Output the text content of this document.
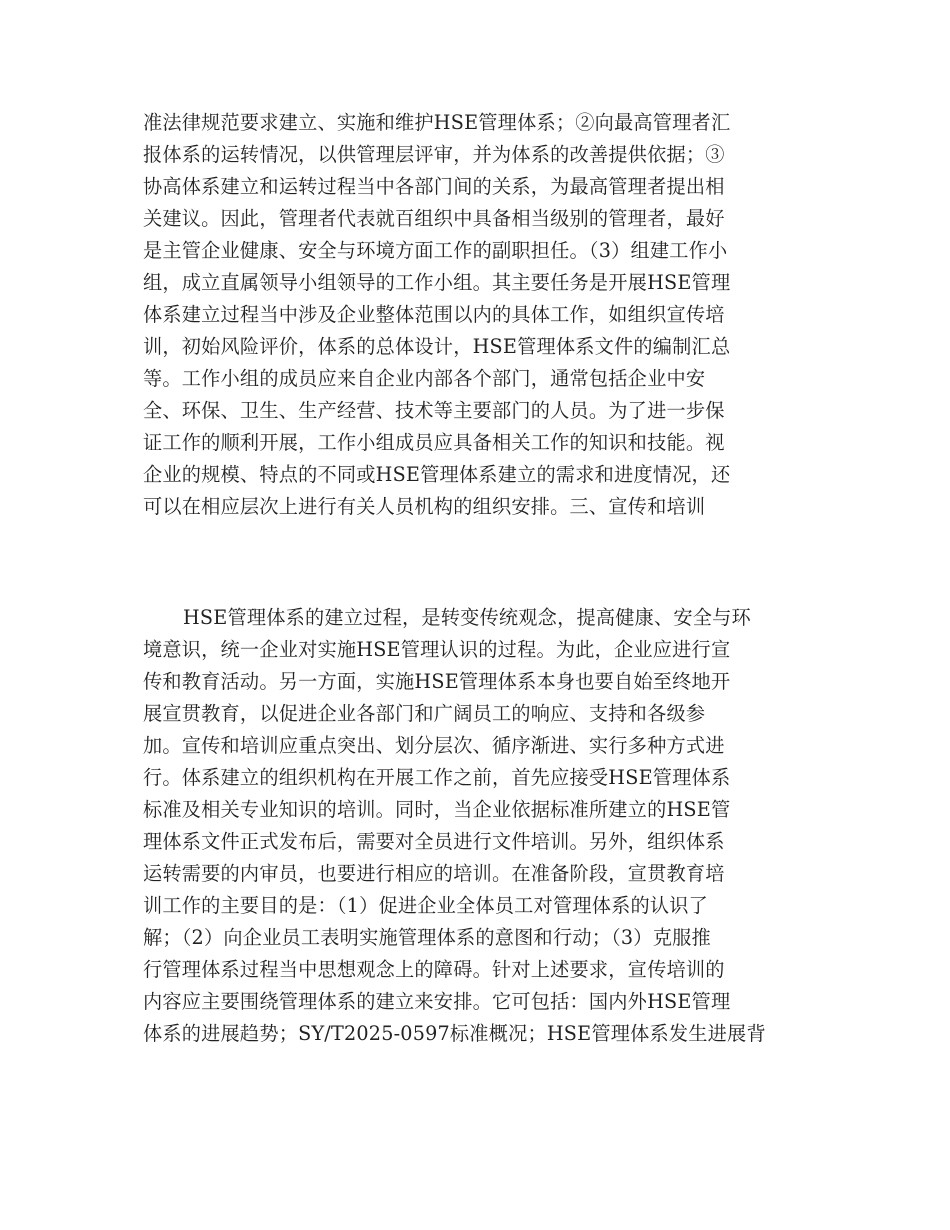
准法律规范要求建立、实施和维护HSE管理体系；②向最高管理者汇
报体系的运转情况，以供管理层评审，并为体系的改善提供依据；③
协高体系建立和运转过程当中各部门间的关系，为最高管理者提出相
关建议。因此，管理者代表就百组织中具备相当级别的管理者，最好
是主管企业健康、安全与环境方面工作的副职担任。（3）组建工作小
组，成立直属领导小组领导的工作小组。其主要任务是开展HSE管理
体系建立过程当中涉及企业整体范围以内的具体工作，如组织宣传培
训，初始风险评价，体系的总体设计，HSE管理体系文件的编制汇总
等。工作小组的成员应来自企业内部各个部门，通常包括企业中安
全、环保、卫生、生产经营、技术等主要部门的人员。为了进一步保
证工作的顺利开展，工作小组成员应具备相关工作的知识和技能。视
企业的规模、特点的不同或HSE管理体系建立的需求和进度情况，还
可以在相应层次上进行有关人员机构的组织安排。三、宣传和培训
HSE管理体系的建立过程，是转变传统观念，提高健康、安全与环
境意识，统一企业对实施HSE管理认识的过程。为此，企业应进行宣
传和教育活动。另一方面，实施HSE管理体系本身也要自始至终地开
展宣贯教育，以促进企业各部门和广阔员工的响应、支持和各级参
加。宣传和培训应重点突出、划分层次、循序渐进、实行多种方式进
行。体系建立的组织机构在开展工作之前，首先应接受HSE管理体系
标准及相关专业知识的培训。同时，当企业依据标准所建立的HSE管
理体系文件正式发布后，需要对全员进行文件培训。另外，组织体系
运转需要的内审员，也要进行相应的培训。在准备阶段，宣贯教育培
训工作的主要目的是：（1）促进企业全体员工对管理体系的认识了
解；（2）向企业员工表明实施管理体系的意图和行动；（3）克服推
行管理体系过程当中思想观念上的障碍。针对上述要求，宣传培训的
内容应主要围绕管理体系的建立来安排。它可包括：国内外HSE管理
体系的进展趋势；SY/T2025-0597标准概况；HSE管理体系发生进展背
